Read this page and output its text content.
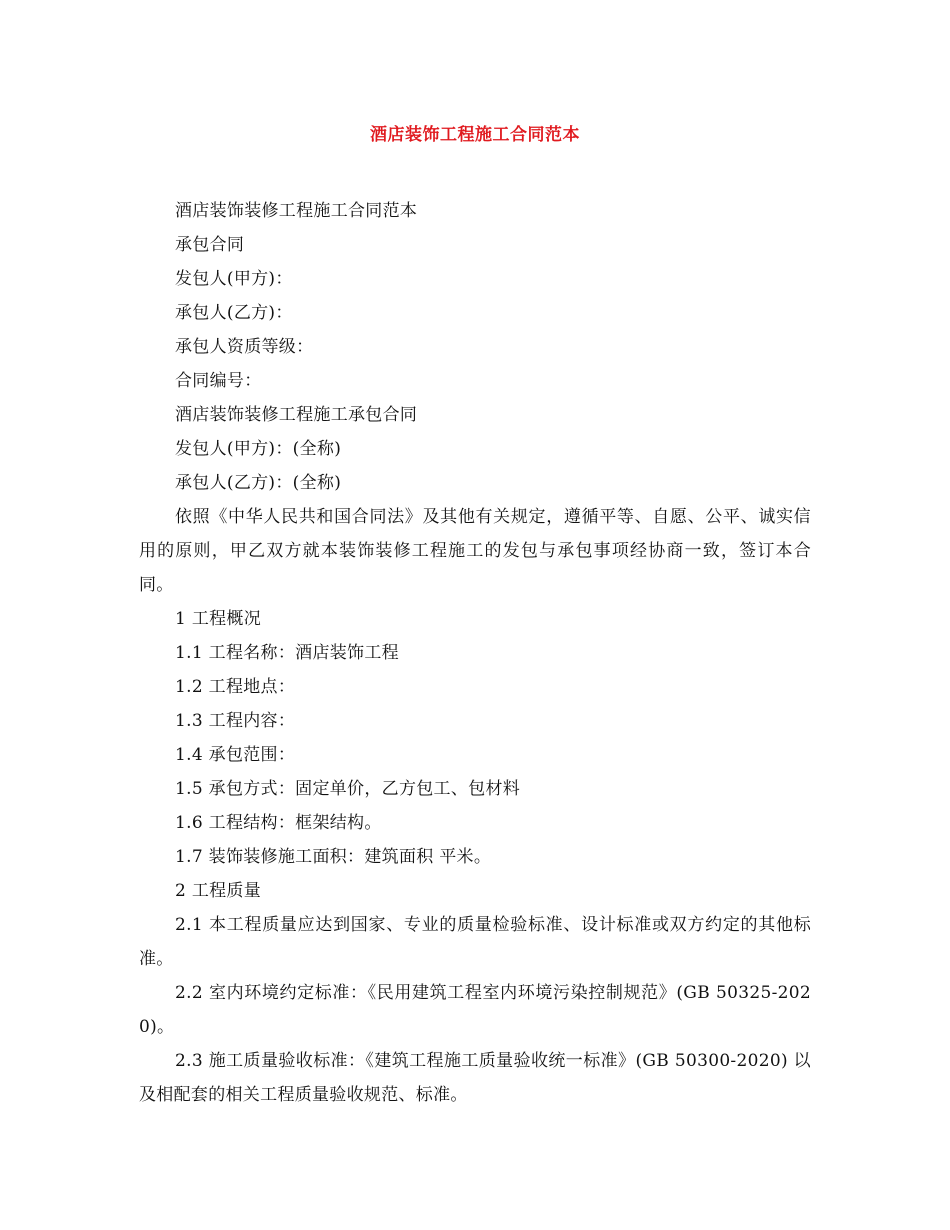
酒店装饰工程施工合同范本

酒店装饰装修工程施工合同范本

承包合同

发包人(甲方)：

承包人(乙方)：

承包人资质等级：

合同编号：

酒店装饰装修工程施工承包合同

发包人(甲方)：(全称)

承包人(乙方)：(全称)

依照《中华人民共和国合同法》及其他有关规定，遵循平等、自愿、公平、诚实信用的原则，甲乙双方就本装饰装修工程施工的发包与承包事项经协商一致，签订本合同。

1 工程概况

1.1 工程名称：酒店装饰工程

1.2 工程地点：

1.3 工程内容：

1.4 承包范围：

1.5 承包方式：固定单价，乙方包工、包材料

1.6 工程结构：框架结构。

1.7 装饰装修施工面积：建筑面积 平米。

2 工程质量

2.1 本工程质量应达到国家、专业的质量检验标准、设计标准或双方约定的其他标准。

2.2 室内环境约定标准：《民用建筑工程室内环境污染控制规范》(GB 50325-2020)。

2.3 施工质量验收标准：《建筑工程施工质量验收统一标准》(GB 50300-2020) 以及相配套的相关工程质量验收规范、标准。
